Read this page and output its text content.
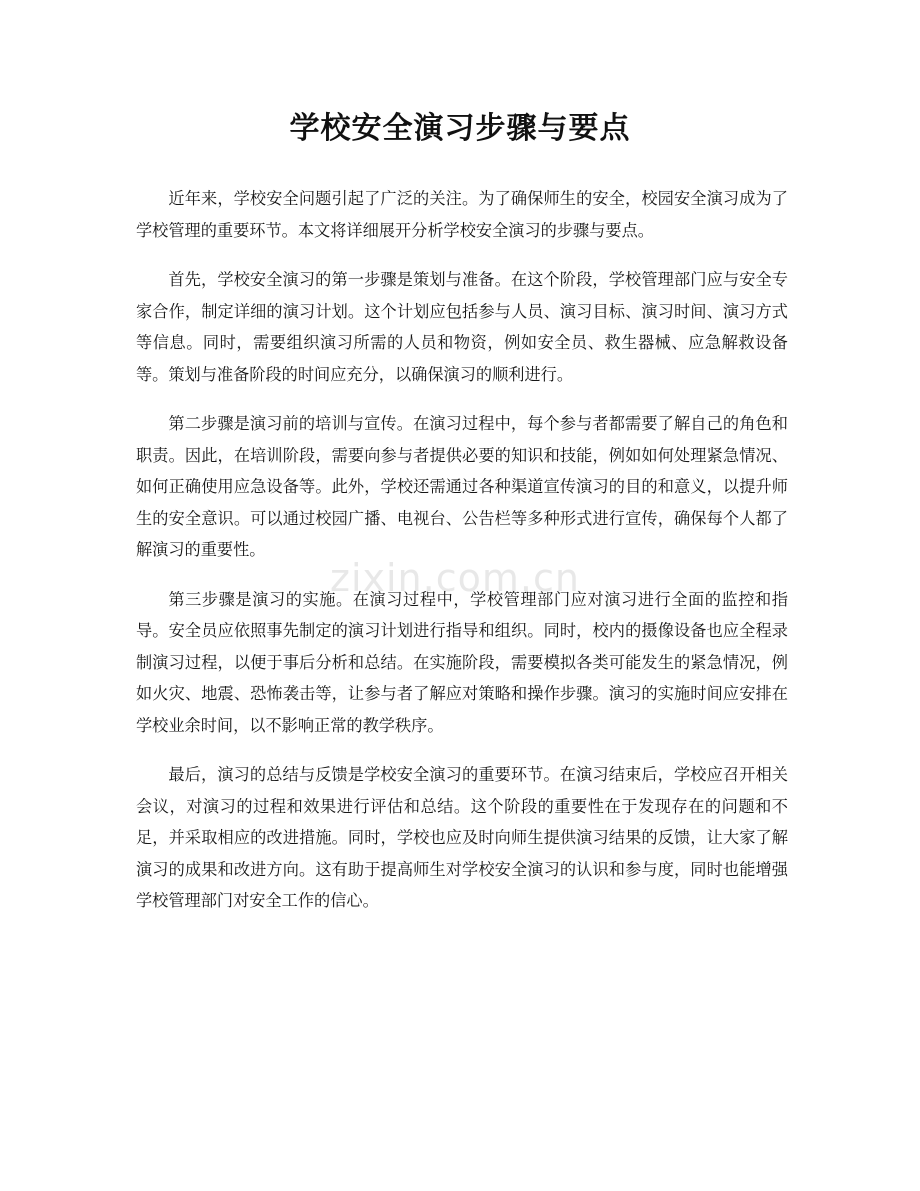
学校安全演习步骤与要点

近年来，学校安全问题引起了广泛的关注。为了确保师生的安全，校园安全演习成为了学校管理的重要环节。本文将详细展开分析学校安全演习的步骤与要点。

首先，学校安全演习的第一步骤是策划与准备。在这个阶段，学校管理部门应与安全专家合作，制定详细的演习计划。这个计划应包括参与人员、演习目标、演习时间、演习方式等信息。同时，需要组织演习所需的人员和物资，例如安全员、救生器械、应急解救设备等。策划与准备阶段的时间应充分，以确保演习的顺利进行。

第二步骤是演习前的培训与宣传。在演习过程中，每个参与者都需要了解自己的角色和职责。因此，在培训阶段，需要向参与者提供必要的知识和技能，例如如何处理紧急情况、如何正确使用应急设备等。此外，学校还需通过各种渠道宣传演习的目的和意义，以提升师生的安全意识。可以通过校园广播、电视台、公告栏等多种形式进行宣传，确保每个人都了解演习的重要性。

第三步骤是演习的实施。在演习过程中，学校管理部门应对演习进行全面的监控和指导。安全员应依照事先制定的演习计划进行指导和组织。同时，校内的摄像设备也应全程录制演习过程，以便于事后分析和总结。在实施阶段，需要模拟各类可能发生的紧急情况，例如火灾、地震、恐怖袭击等，让参与者了解应对策略和操作步骤。演习的实施时间应安排在学校业余时间，以不影响正常的教学秩序。

最后，演习的总结与反馈是学校安全演习的重要环节。在演习结束后，学校应召开相关会议，对演习的过程和效果进行评估和总结。这个阶段的重要性在于发现存在的问题和不足，并采取相应的改进措施。同时，学校也应及时向师生提供演习结果的反馈，让大家了解演习的成果和改进方向。这有助于提高师生对学校安全演习的认识和参与度，同时也能增强学校管理部门对安全工作的信心。

zixin.com.cn
